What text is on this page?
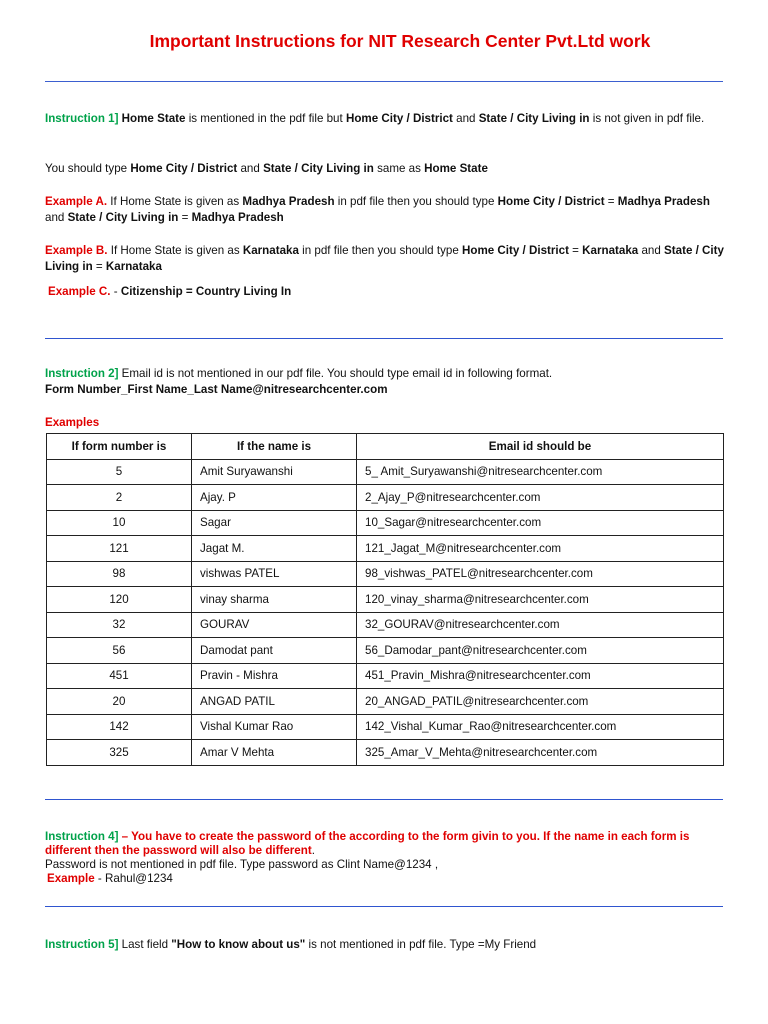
Important Instructions for NIT Research Center Pvt.Ltd work
Instruction 1] Home State is mentioned in the pdf file but Home City / District and State / City Living in is not given in pdf file.
You should type Home City / District and State / City Living in same as Home State
Example A. If Home State is given as Madhya Pradesh in pdf file then you should type Home City / District = Madhya Pradesh and State / City Living in = Madhya Pradesh
Example B. If Home State is given as Karnataka in pdf file then you should type Home City / District = Karnataka and State / City Living in = Karnataka
Example C. - Citizenship = Country Living In
Instruction 2] Email id is not mentioned in our pdf file. You should type email id in following format.
Form Number_First Name_Last Name@nitresearchcenter.com
Examples
If form number is	If the name is	Email id should be
5	Amit Suryawanshi	5_ Amit_Suryawanshi@nitresearchcenter.com
2	Ajay. P	2_Ajay_P@nitresearchcenter.com
10	Sagar	10_Sagar@nitresearchcenter.com
121	Jagat M.	121_Jagat_M@nitresearchcenter.com
98	vishwas PATEL	98_vishwas_PATEL@nitresearchcenter.com
120	vinay sharma	120_vinay_sharma@nitresearchcenter.com
32	GOURAV	32_GOURAV@nitresearchcenter.com
56	Damodat pant	56_Damodar_pant@nitresearchcenter.com
451	Pravin - Mishra	451_Pravin_Mishra@nitresearchcenter.com
20	ANGAD PATIL	20_ANGAD_PATIL@nitresearchcenter.com
142	Vishal Kumar Rao	142_Vishal_Kumar_Rao@nitresearchcenter.com
325	Amar V Mehta	325_Amar_V_Mehta@nitresearchcenter.com
Instruction 4] – You have to create the password of the according to the form givin to you. If the name in each form is different then the password will also be different.
Password is not mentioned in pdf file. Type password as Clint Name@1234 ,
Example - Rahul@1234
Instruction 5] Last field "How to know about us" is not mentioned in pdf file. Type =My Friend
